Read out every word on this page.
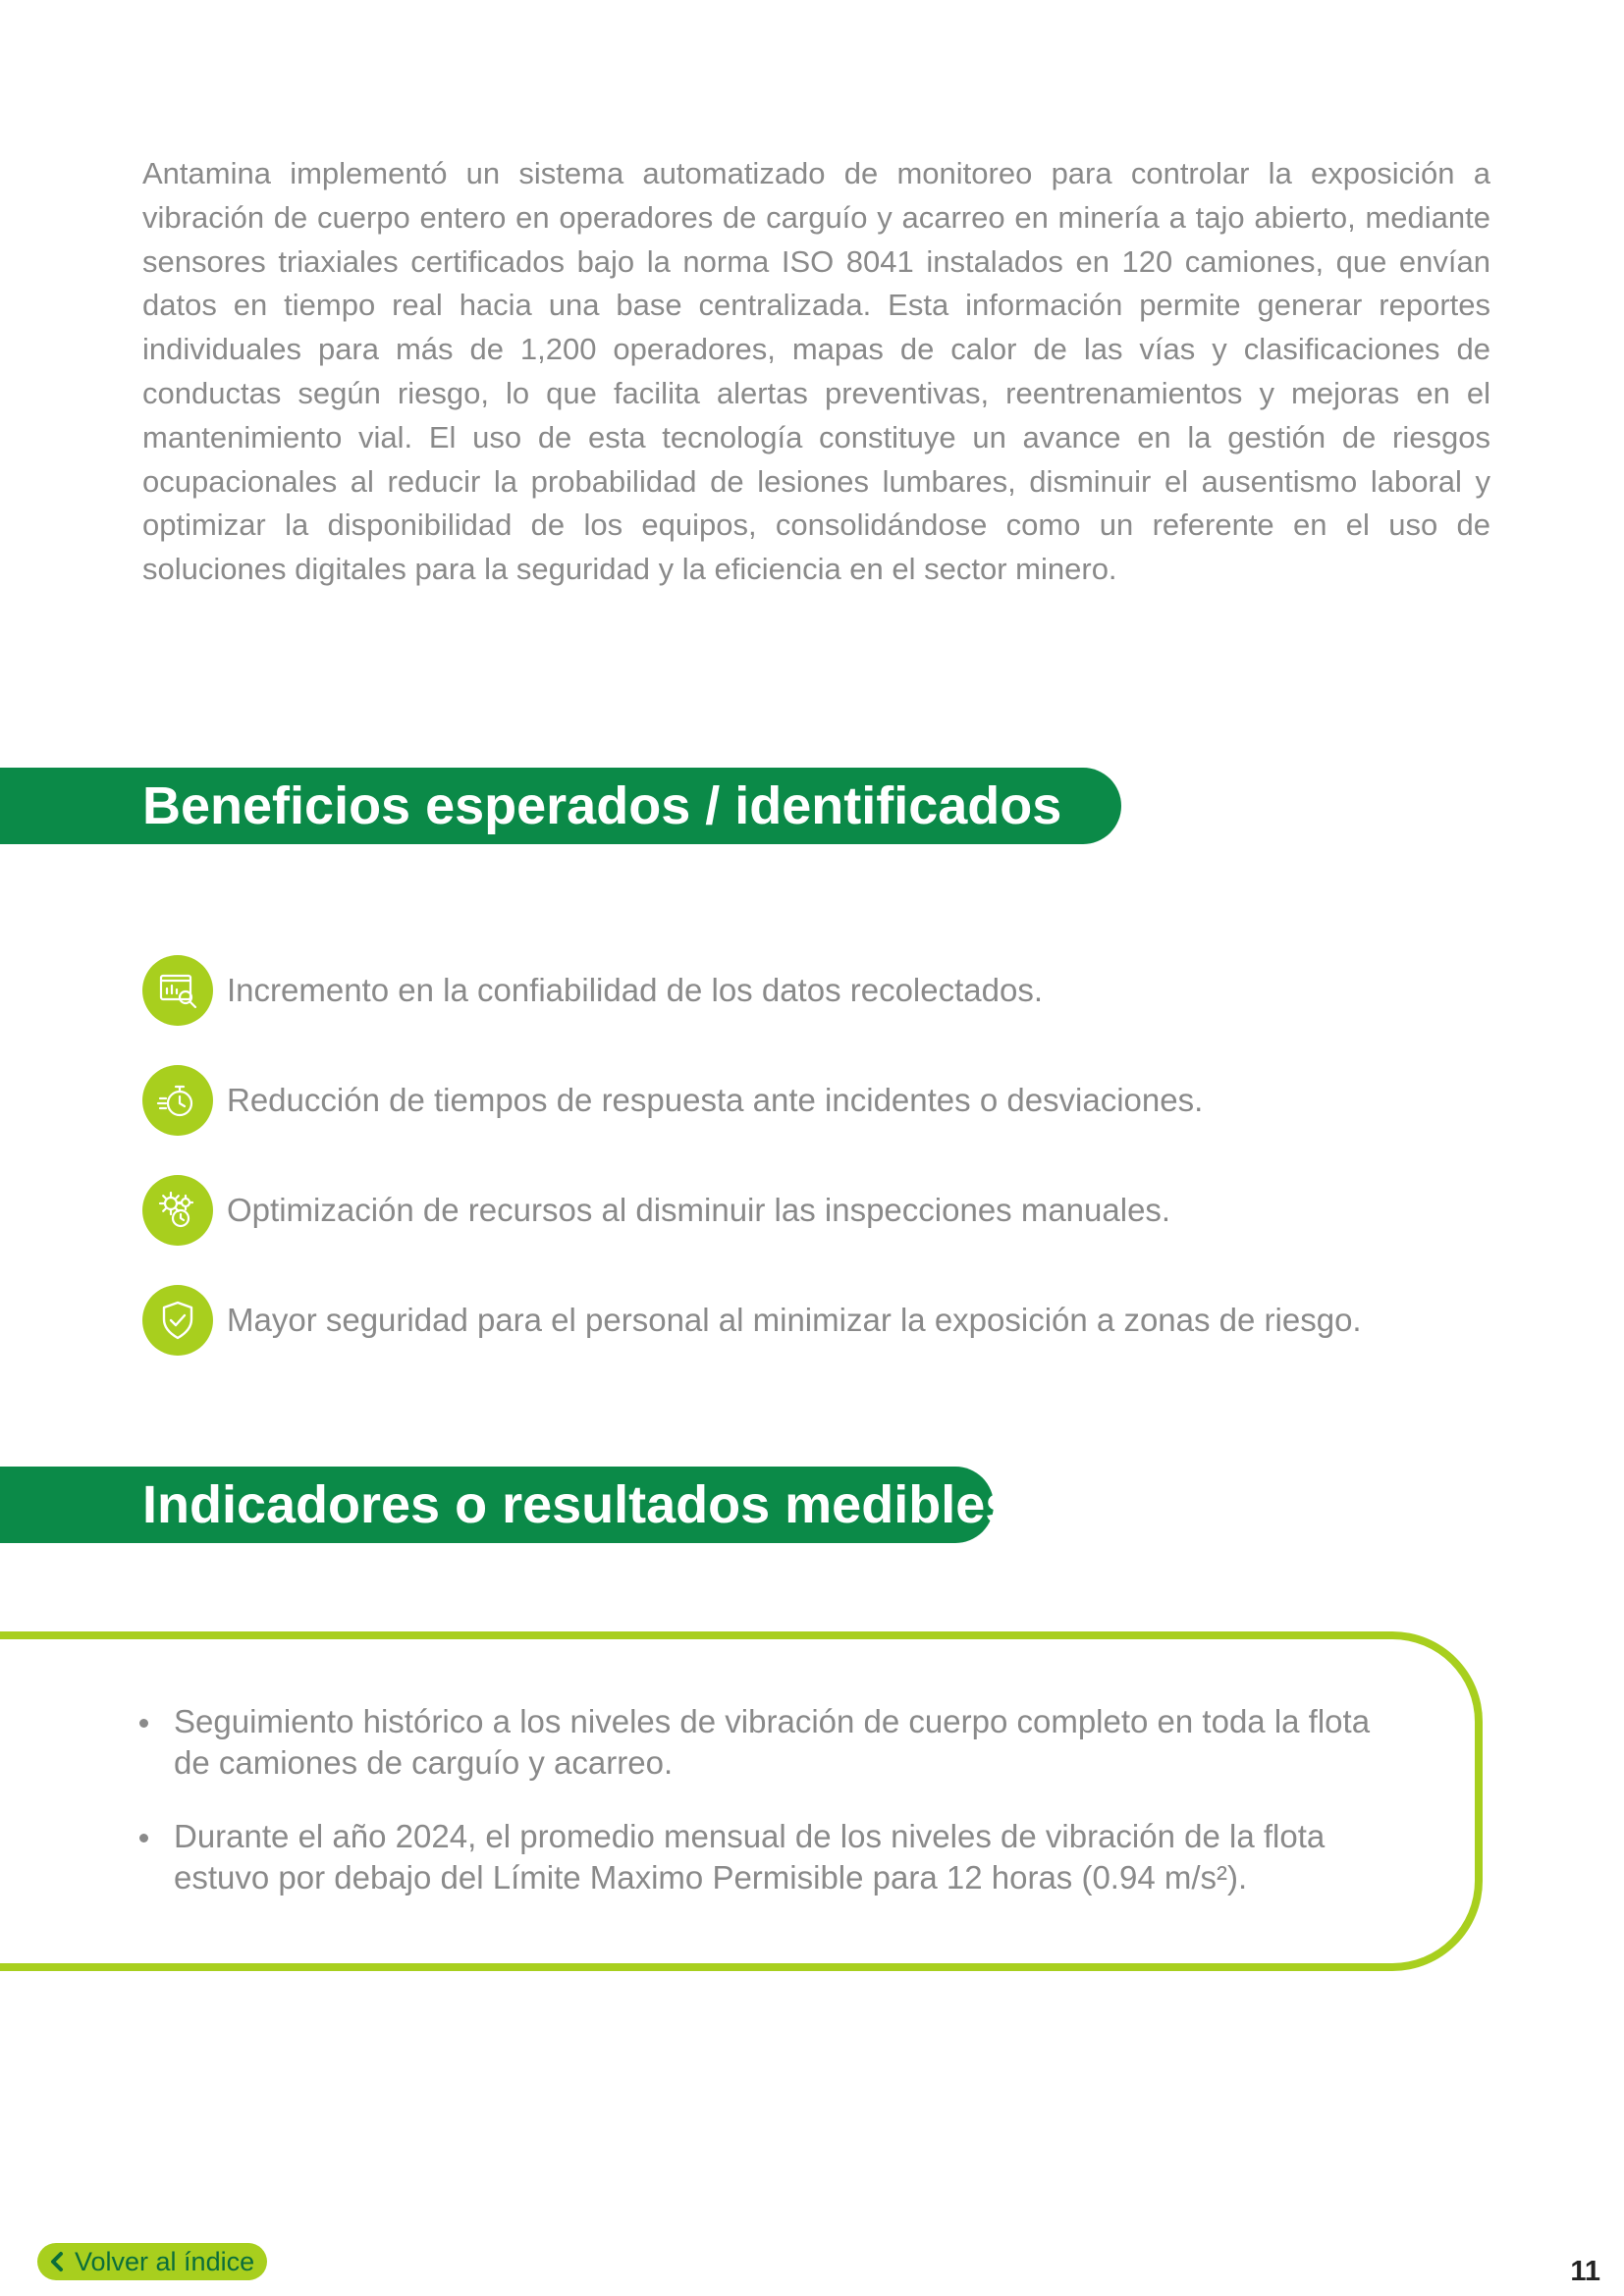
Antamina implementó un sistema automatizado de monitoreo para controlar la exposición a vibración de cuerpo entero en operadores de carguío y acarreo en minería a tajo abierto, mediante sensores triaxiales certificados bajo la norma ISO 8041 instalados en 120 camiones, que envían datos en tiempo real hacia una base centralizada. Esta información permite generar reportes individuales para más de 1,200 operadores, mapas de calor de las vías y clasificaciones de conductas según riesgo, lo que facilita alertas preventivas, reentrenamientos y mejoras en el mantenimiento vial. El uso de esta tecnología constituye un avance en la gestión de riesgos ocupacionales al reducir la probabilidad de lesiones lumbares, disminuir el ausentismo laboral y optimizar la disponibilidad de los equipos, consolidándose como un referente en el uso de soluciones digitales para la seguridad y la eficiencia en el sector minero.

Beneficios esperados / identificados
Incremento en la confiabilidad de los datos recolectados.
Reducción de tiempos de respuesta ante incidentes o desviaciones.
Optimización de recursos al disminuir las inspecciones manuales.
Mayor seguridad para el personal al minimizar la exposición a zonas de riesgo.
Indicadores o resultados medibles
Seguimiento histórico a los niveles de vibración de cuerpo completo en toda la flota de camiones de carguío y acarreo.
Durante el año 2024, el promedio mensual de los niveles de vibración de la flota estuvo por debajo del Límite Maximo Permisible para 12 horas (0.94 m/s²).
Volver al índice	11
